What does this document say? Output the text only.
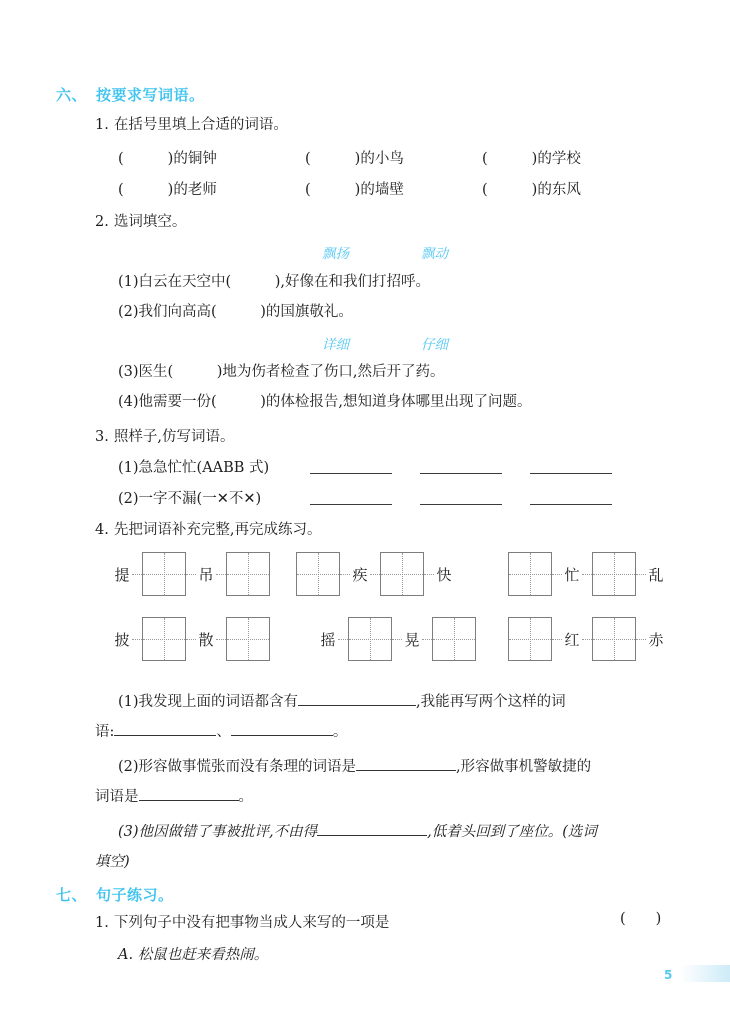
六、 按要求写词语。
1. 在括号里填上合适的词语。
(	)的铜钟	(	)的小鸟	(	)的学校
(	)的老师	(	)的墙壁	(	)的东风
2. 选词填空。
飘扬	飘动
(1)白云在天空中(　　　),好像在和我们打招呼。
(2)我们向高高(　　　)的国旗敬礼。
详细	仔细
(3)医生(　　　)地为伤者检查了伤口,然后开了药。
(4)他需要一份(　　　)的体检报告,想知道身体哪里出现了问题。
3. 照样子,仿写词语。
(1)急急忙忙(AABB 式)
(2)一字不漏(一✕不✕)
4. 先把词语补充完整,再完成练习。
提	吊	疾	快	忙	乱
披	散	摇	晃	红	赤
(1)我发现上面的词语都含有	,我能再写两个这样的词
语:	、	。
(2)形容做事慌张而没有条理的词语是	,形容做事机警敏捷的
词语是	。
(3)他因做错了事被批评,不由得	,低着头回到了座位。(选词
填空)
七、 句子练习。
1. 下列句子中没有把事物当成人来写的一项是	( )
A. 松鼠也赶来看热闹。
5
